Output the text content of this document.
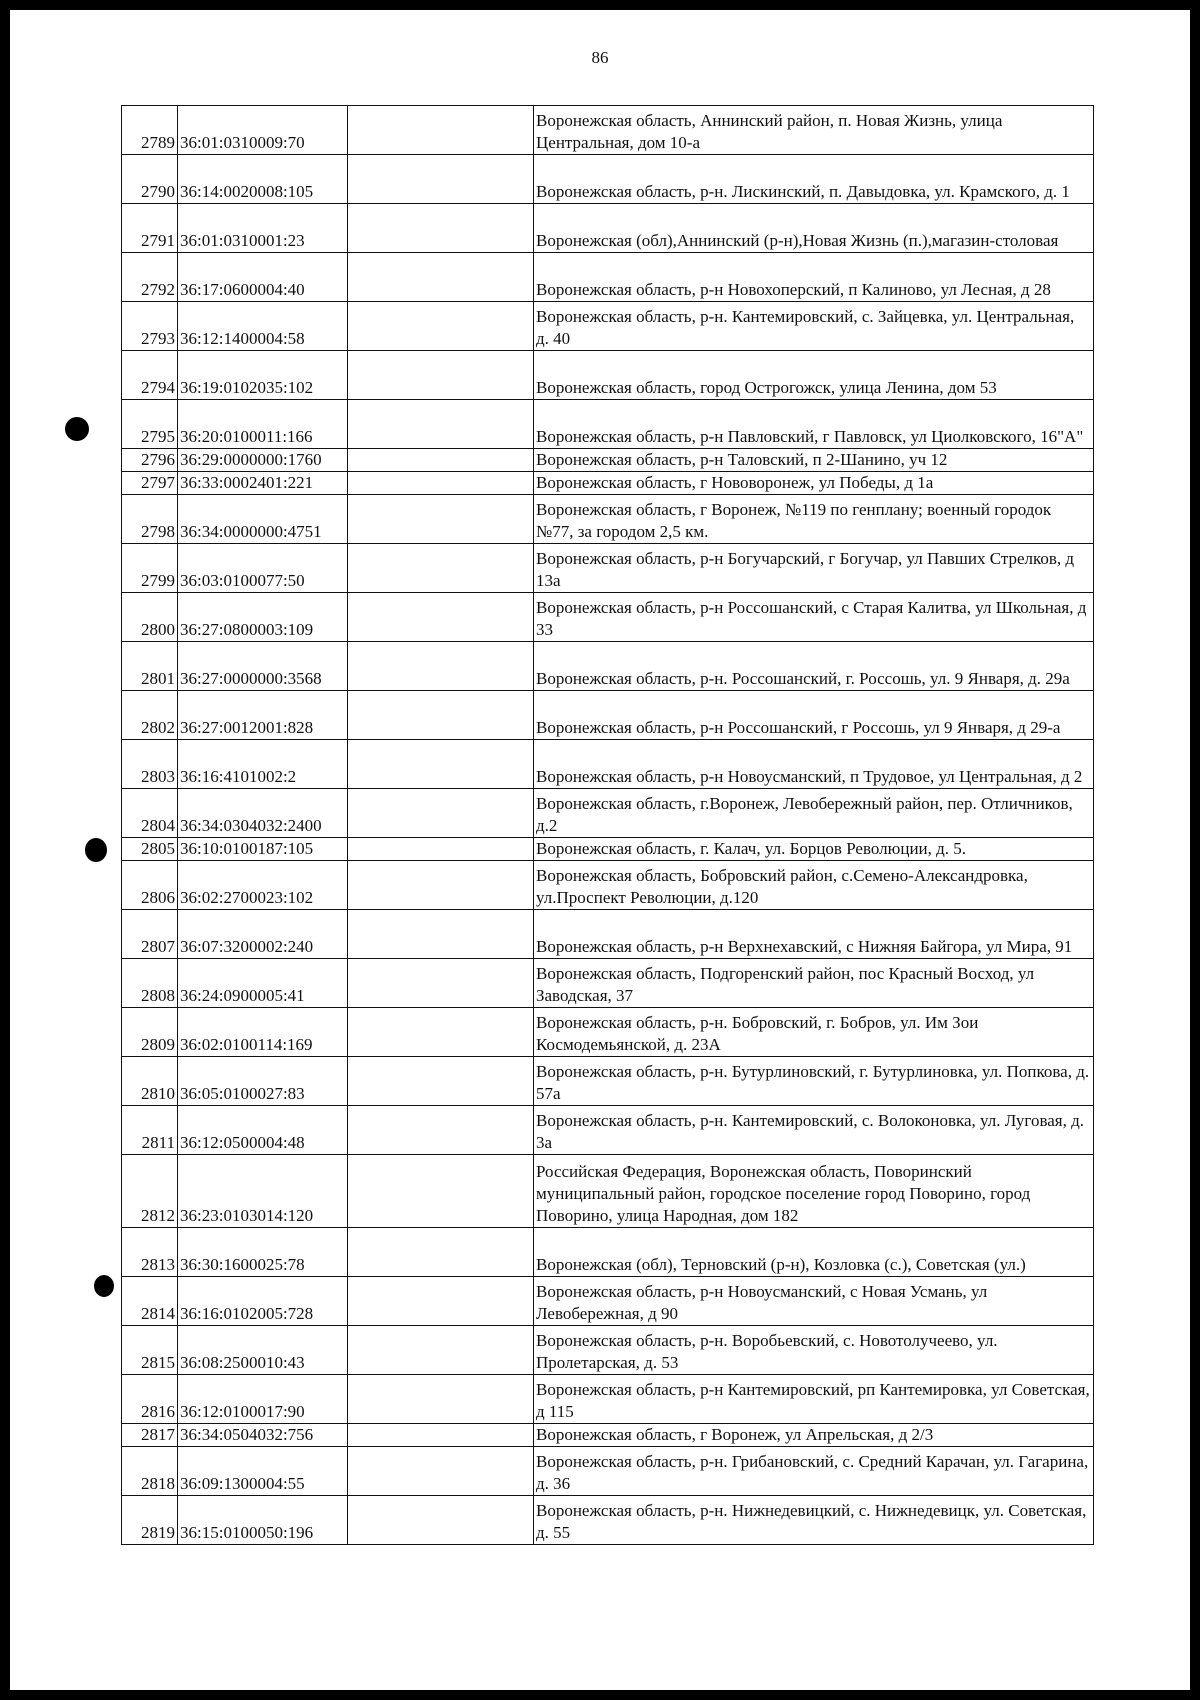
86
2789	36:01:0310009:70		Воронежская область, Аннинский район, п. Новая Жизнь, улица Центральная, дом 10-а
2790	36:14:0020008:105		Воронежская область, р-н. Лискинский, п. Давыдовка, ул. Крамского, д. 1
2791	36:01:0310001:23		Воронежская (обл),Аннинский (р-н),Новая Жизнь (п.),магазин-столовая
2792	36:17:0600004:40		Воронежская область, р-н Новохоперский, п Калиново, ул Лесная, д 28
2793	36:12:1400004:58		Воронежская область, р-н. Кантемировский, с. Зайцевка, ул. Центральная, д. 40
2794	36:19:0102035:102		Воронежская область, город Острогожск, улица Ленина, дом 53
2795	36:20:0100011:166		Воронежская область, р-н Павловский, г Павловск, ул Циолковского, 16"А"
2796	36:29:0000000:1760		Воронежская область, р-н Таловский, п 2-Шанино, уч 12
2797	36:33:0002401:221		Воронежская область, г Нововоронеж, ул Победы, д 1а
2798	36:34:0000000:4751		Воронежская область, г Воронеж, №119 по генплану; военный городок №77, за городом 2,5 км.
2799	36:03:0100077:50		Воронежская область, р-н Богучарский, г Богучар, ул Павших Стрелков, д 13а
2800	36:27:0800003:109		Воронежская область, р-н Россошанский, с Старая Калитва, ул Школьная, д 33
2801	36:27:0000000:3568		Воронежская область, р-н. Россошанский, г. Россошь, ул. 9 Января, д. 29а
2802	36:27:0012001:828		Воронежская область, р-н Россошанский, г Россошь, ул 9 Января, д 29-а
2803	36:16:4101002:2		Воронежская область, р-н Новоусманский, п Трудовое, ул Центральная, д 2
2804	36:34:0304032:2400		Воронежская область, г.Воронеж, Левобережный район, пер. Отличников, д.2
2805	36:10:0100187:105		Воронежская область, г. Калач, ул. Борцов Революции, д. 5.
2806	36:02:2700023:102		Воронежская область, Бобровский район, с.Семено-Александровка, ул.Проспект Революции, д.120
2807	36:07:3200002:240		Воронежская область, р-н Верхнехавский, с Нижняя Байгора, ул Мира, 91
2808	36:24:0900005:41		Воронежская область, Подгоренский район, пос Красный Восход, ул Заводская, 37
2809	36:02:0100114:169		Воронежская область, р-н. Бобровский, г. Бобров, ул. Им Зои Космодемьянской, д. 23А
2810	36:05:0100027:83		Воронежская область, р-н. Бутурлиновский, г. Бутурлиновка, ул. Попкова, д. 57а
2811	36:12:0500004:48		Воронежская область, р-н. Кантемировский, с. Волоконовка, ул. Луговая, д. 3а
2812	36:23:0103014:120		Российская Федерация, Воронежская область, Поворинский муниципальный район, городское поселение город Поворино, город Поворино, улица Народная, дом 182
2813	36:30:1600025:78		Воронежская (обл), Терновский (р-н), Козловка (с.), Советская (ул.)
2814	36:16:0102005:728		Воронежская область, р-н Новоусманский, с Новая Усмань, ул Левобережная, д 90
2815	36:08:2500010:43		Воронежская область, р-н. Воробьевский, с. Новотолучеево, ул. Пролетарская, д. 53
2816	36:12:0100017:90		Воронежская область, р-н Кантемировский, рп Кантемировка, ул Советская, д 115
2817	36:34:0504032:756		Воронежская область, г Воронеж, ул Апрельская, д 2/3
2818	36:09:1300004:55		Воронежская область, р-н. Грибановский, с. Средний Карачан, ул. Гагарина, д. 36
2819	36:15:0100050:196		Воронежская область, р-н. Нижнедевицкий, с. Нижнедевицк, ул. Советская, д. 55
